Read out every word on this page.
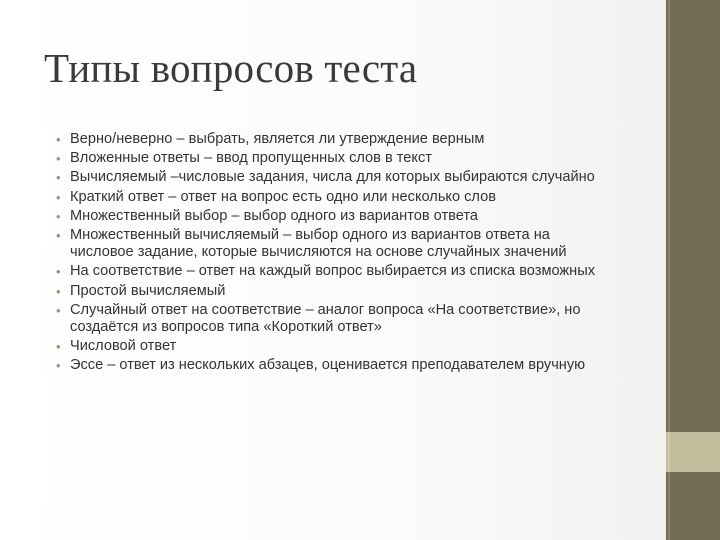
Типы вопросов теста
• Верно/неверно – выбрать, является ли утверждение верным
• Вложенные ответы – ввод пропущенных слов в текст
• Вычисляемый –числовые задания, числа для которых выбираются случайно
• Краткий ответ – ответ на вопрос есть одно или несколько слов
• Множественный выбор – выбор одного из вариантов ответа
• Множественный вычисляемый – выбор одного из вариантов ответа на числовое задание, которые вычисляются на основе случайных значений
• На соответствие – ответ на каждый вопрос выбирается из списка возможных
• Простой вычисляемый
• Случайный ответ на соответствие – аналог вопроса «На соответствие», но создаётся из вопросов типа «Короткий ответ»
• Числовой ответ
• Эссе – ответ из нескольких абзацев, оценивается преподавателем вручную
